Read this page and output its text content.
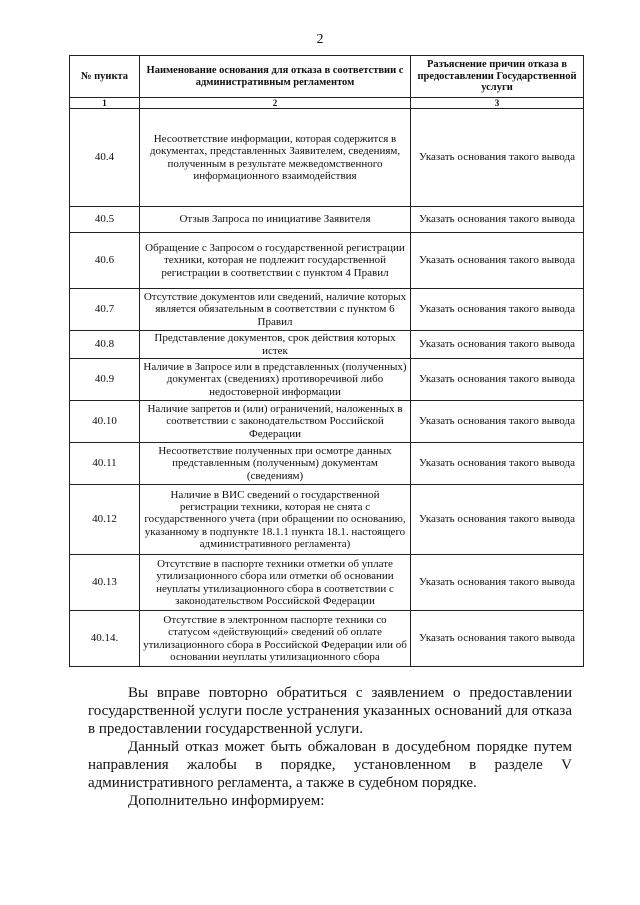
2
№ пункта	Наименование основания для отказа в соответствии с административным регламентом	Разъяснение причин отказа в предоставлении Государственной услуги
1	2	3
40.4	Несоответствие информации, которая содержится в документах, представленных Заявителем, сведениям, полученным в результате межведомственного информационного взаимодействия	Указать основания такого вывода
40.5	Отзыв Запроса по инициативе Заявителя	Указать основания такого вывода
40.6	Обращение с Запросом о государственной регистрации техники, которая не подлежит государственной регистрации в соответствии с пунктом 4 Правил	Указать основания такого вывода
40.7	Отсутствие документов или сведений, наличие которых является обязательным в соответствии с пунктом 6 Правил	Указать основания такого вывода
40.8	Представление документов, срок действия которых истек	Указать основания такого вывода
40.9	Наличие в Запросе или в представленных (полученных) документах (сведениях) противоречивой либо недостоверной информации	Указать основания такого вывода
40.10	Наличие запретов и (или) ограничений, наложенных в соответствии с законодательством Российской Федерации	Указать основания такого вывода
40.11	Несоответствие полученных при осмотре данных представленным (полученным) документам (сведениям)	Указать основания такого вывода
40.12	Наличие в ВИС сведений о государственной регистрации техники, которая не снята с государственного учета (при обращении по основанию, указанному в подпункте 18.1.1 пункта 18.1. настоящего административного регламента)	Указать основания такого вывода
40.13	Отсутствие в паспорте техники отметки об уплате утилизационного сбора или отметки об основании неуплаты утилизационного сбора в соответствии с законодательством Российской Федерации	Указать основания такого вывода
40.14.	Отсутствие в электронном паспорте техники со статусом «действующий» сведений об оплате утилизационного сбора в Российской Федерации или об основании неуплаты утилизационного сбора	Указать основания такого вывода

Вы вправе повторно обратиться с заявлением о предоставлении государственной услуги после устранения указанных оснований для отказа в предоставлении государственной услуги.

Данный отказ может быть обжалован в досудебном порядке путем направления жалобы в порядке, установленном в разделе V административного регламента, а также в судебном порядке.

Дополнительно информируем:
